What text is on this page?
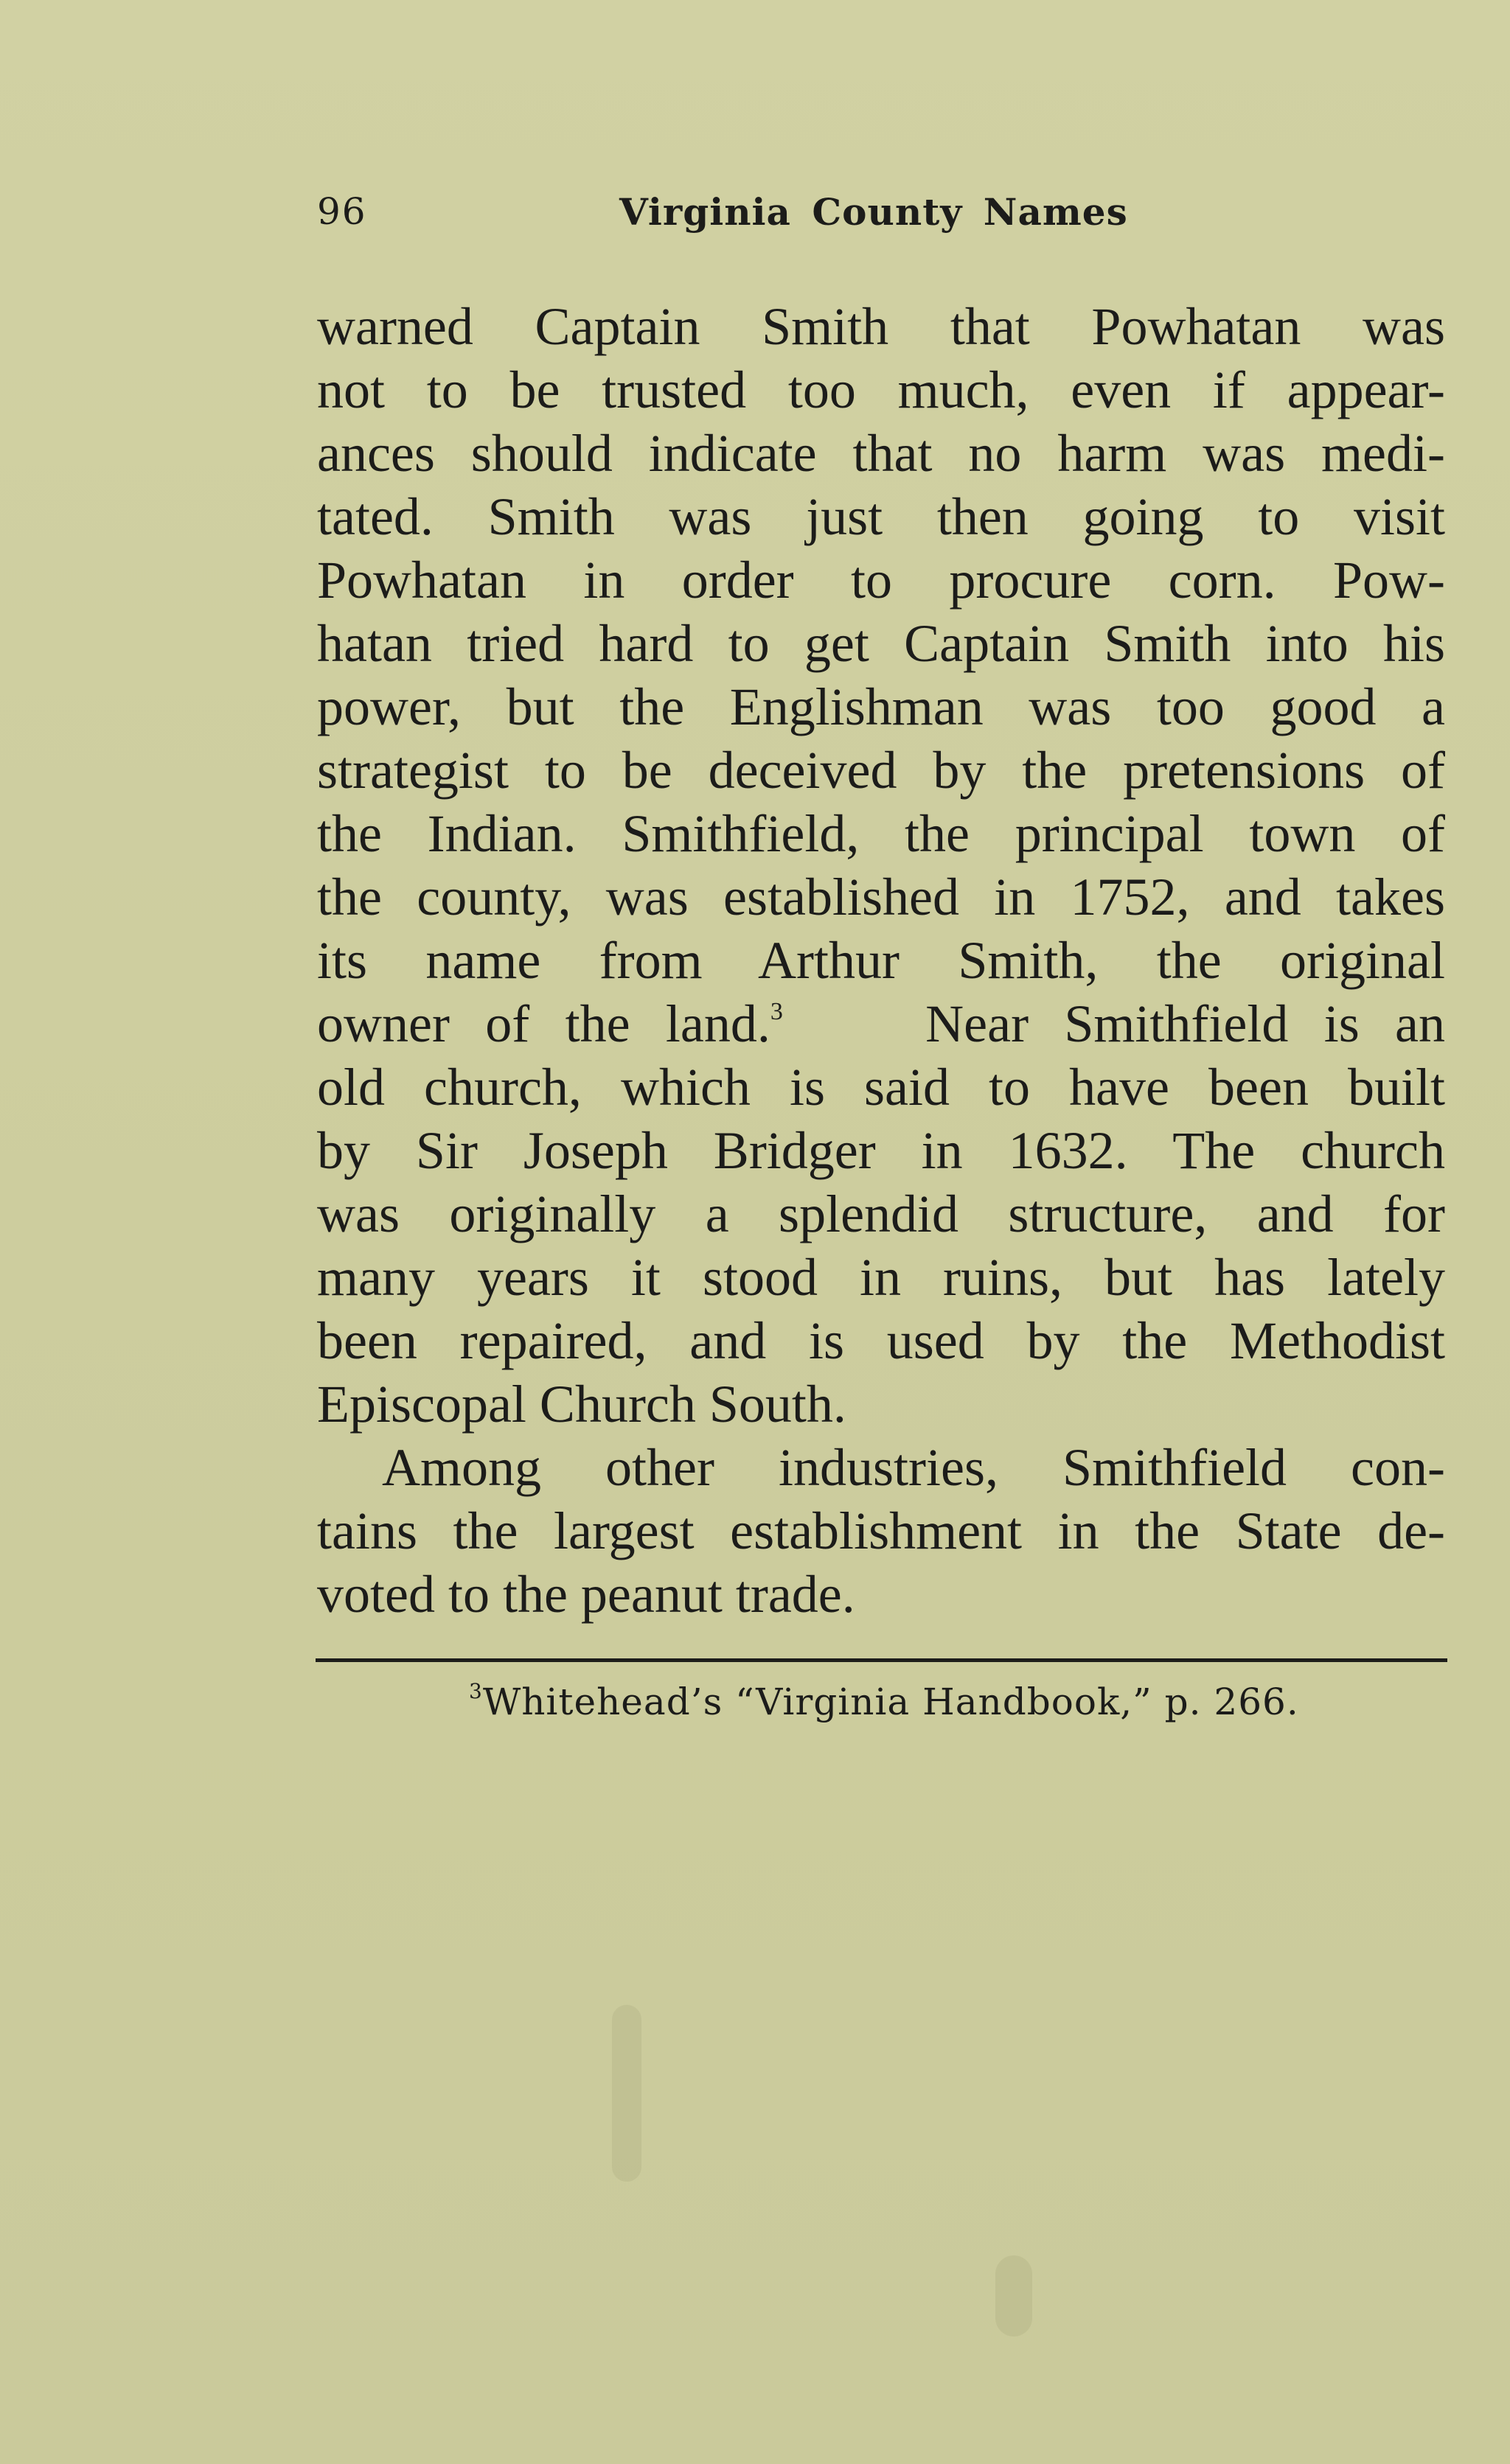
96	Virginia County Names
warned Captain Smith that Powhatan was
not to be trusted too much, even if appear-
ances should indicate that no harm was medi-
tated. Smith was just then going to visit
Powhatan in order to procure corn. Pow-
hatan tried hard to get Captain Smith into his
power, but the Englishman was too good a
strategist to be deceived by the pretensions of
the Indian. Smithfield, the principal town of
the county, was established in 1752, and takes
its name from Arthur Smith, the original
owner of the land.$^3$	Near Smithfield is an
old church, which is said to have been built
by Sir Joseph Bridger in 1632. The church
was originally a splendid structure, and for
many years it stood in ruins, but has lately
been repaired, and is used by the Methodist
Episcopal Church South.
Among other industries, Smithfield con-
tains the largest establishment in the State de-
voted to the peanut trade.
$^3$Whitehead’s “Virginia Handbook,” p. 266.
